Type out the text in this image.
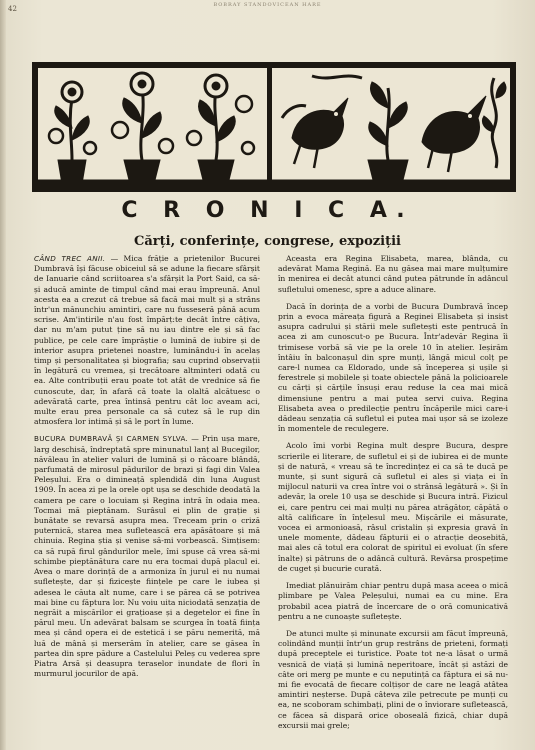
42	BOBRAY STANDOVICEAN HARE
C R O N I C A.
Cărți, conferințe, congrese, expoziții

CÂND TREC ANII. — Mica frăție a prietenilor Bucurei Dumbravă își făcuse obiceiul să se adune la fiecare sfârșit de Ianuarie când scriitoarea s'a sfârșit la Port Said, ca să-și aducă aminte de timpul când mai erau împreună. Anul acesta ea a crezut că trebue să facă mai mult și a strâns într'un mănunchiu amintiri, care nu fusseseră până acum scrise. Am'intirile n'au fost împărț:te decât între câțiva, dar nu m'am putut ține să nu iau dintre ele și să fac publice, pe cele care împrăștie o lumină de iubire și de interior asupra prietenei noastre, luminându-i în acelaș timp și personalitatea și biografia; sau cuprind observații în legătură cu vremea, și trecătoare altminteri odată cu ea. Alte contribuții erau poate tot atât de vrednice să fie cunoscute, dar, în afară că toate la olaltă alcătuesc o adevărată carte, prea întinsă pentru cât loc aveam aci, multe erau prea personale ca să cutez să le rup din atmosfera lor intimă și să le port în lume.

BUCURA DUMBRAVĂ ȘI CARMEN SYLVA. — Prin ușa mare, larg deschisă, îndreptată spre minunatul lanț al Bucegilor, năvăleau în atelier valuri de lumină și o răcoare blândă, parfumată de mirosul pădurilor de brazi și fagi din Valea Peleșului. Era o dimineață splendidă din luna August 1909. În acea zi pe la orele opt ușa se deschide deodată la camera pe care o locuiam și Regina intră în odaia mea. Tocmai mă pieptănam. Surâsul ei plin de grație și bunătate se revarsă asupra mea. Treceam prin o criză puternică, starea mea sufletească era apăsătoare și mă chinuia. Regina știa și venise să-mi vorbească. Simțisem: ca să rupă firul gândurilor mele, îmi spuse că vrea să-mi schimbe pieptănătura care nu era tocmai după placul ei. Avea o mare dorință de a armoniza în jurul ei nu numai sufletește, dar și fizicește ființele pe care le iubea și adesea le căuta alt nume, care i se părea că se potrivea mai bine cu făptura lor. Nu voiu uita niciodată senzația de negrăit a mișcărilor ei grațioase și a degetelor ei fine în părul meu. Un adevărat balsam se scurgea în toată ființa mea și când opera ei de estetică i se păru nemerită, mă luă de mână și merserăm în atelier, care se găsea în partea din spre pădure a Castelului Peleș cu vederea spre Piatra Arsă și deasupra teraselor inundate de flori în murmurul jocurilor de apă.

Aceasta era Regina Elisabeta, marea, blânda, cu adevărat Mama Regină. Ea nu găsea mai mare mulțumire în menirea ei decât atunci când putea pătrunde în adâncul sufletului omenesc, spre a aduce alinare.

Dacă în dorința de a vorbi de Bucura Dumbravă încep prin a evoca măreața figură a Reginei Elisabeta și insist asupra cadrului și stării mele sufletești este pentrucă în acea zi am cunoscut-o pe Bucura. Într'adevăr Regina îi trimisese vorbă să vie pe la orele 10 în atelier. Ieșirăm întâiu în balconașul din spre munți, lângă micul colț pe care-l numea ca Eldorado, unde să începerea și ușile și ferestrele și mobilele și toate obiectele până la policioarele cu cărți și cărțile însuși erau reduse la cea mai mică dimensiune pentru a mai putea servi cuiva. Regina Elisabeta avea o predilecție pentru încăperile mici care-i dădeau senzația că sufletul ei putea mai ușor să se izoleze în momentele de reculegere.

Acolo îmi vorbi Regina mult despre Bucura, despre scrierile ei literare, de sufletul ei și de iubirea ei de munte și de natură, « vreau să te încredințez ei ca să te ducă pe munte, și sunt sigură că sufletul ei ales și viața ei în mijlocul naturii va crea între voi o strânsă legătură ». Și în adevăr, la orele 10 ușa se deschide și Bucura intră. Fizicul ei, care pentru cei mai mulți nu părea atrăgător, căpătă o altă calificare în înțelesul meu. Mișcările ei măsurate, vocea ei armonioasă, râsul cristalin și expresia gravă în unele momente, dădeau făpturii ei o atracție deosebită, mai ales că totul era colorat de spiritul ei evoluat (în sfere înalte) și pătruns de o adâncă cultură. Revărsa prospețime de cuget și bucurie curată.

Imediat plănuirăm chiar pentru după masa aceea o mică plimbare pe Valea Peleșului, numai ea cu mine. Era probabil acea piatră de încercare de o oră comunicativă pentru a ne cunoaște sufletește.

De atunci multe și minunate excursii am făcut împreună, colindând munții într'un grup restrâns de prieteni, formați după preceptele ei turistice. Poate tot ne-a lăsat o urmă vesnică de viață și lumină neperitoare, încât și astăzi de câte ori merg pe munte e cu neputință ca făptura ei să nu-mi fie evocată de fiecare colțișor de care ne leagă atâtea amintiri neștersе. După câteva zile petrecute pe munți cu ea, ne scoboram schimbați, plini de o înviorare sufletească, ce făcea să dispară orice oboseală fizică, chiar după excursii mai grele;
